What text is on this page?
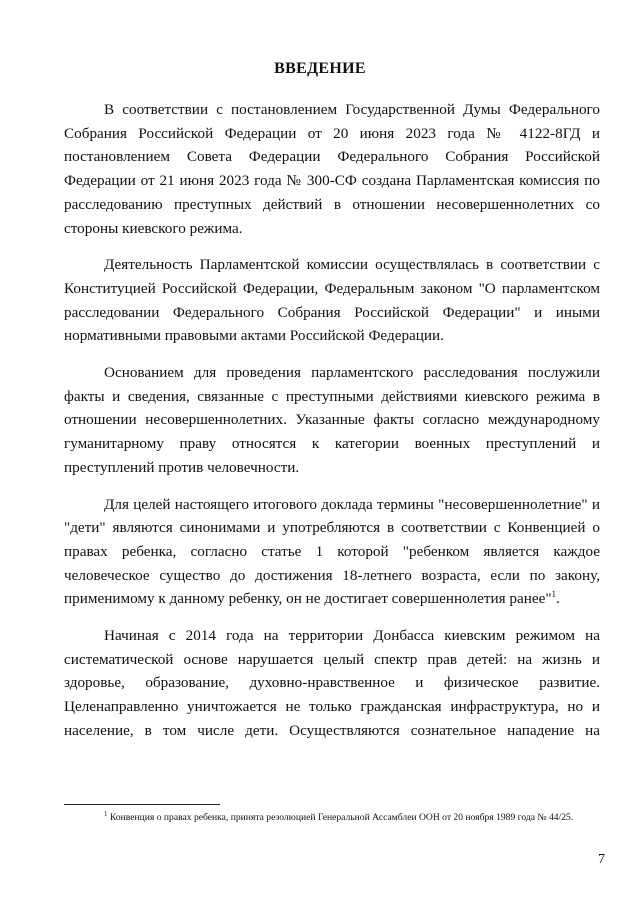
ВВЕДЕНИЕ

В соответствии с постановлением Государственной Думы Федерального Собрания Российской Федерации от 20 июня 2023 года № 4122-8ГД и постановлением Совета Федерации Федерального Собрания Российской Федерации от 21 июня 2023 года № 300-СФ создана Парламентская комиссия по расследованию преступных действий в отношении несовершеннолетних со стороны киевского режима.

Деятельность Парламентской комиссии осуществлялась в соответствии с Конституцией Российской Федерации, Федеральным законом "О парламентском расследовании Федерального Собрания Российской Федерации" и иными нормативными правовыми актами Российской Федерации.

Основанием для проведения парламентского расследования послужили факты и сведения, связанные с преступными действиями киевского режима в отношении несовершеннолетних. Указанные факты согласно международному гуманитарному праву относятся к категории военных преступлений и преступлений против человечности.

Для целей настоящего итогового доклада термины "несовершеннолетние" и "дети" являются синонимами и употребляются в соответствии с Конвенцией о правах ребенка, согласно статье 1 которой "ребенком является каждое человеческое существо до достижения 18-летнего возраста, если по закону, применимому к данному ребенку, он не достигает совершеннолетия ранее"$^1$.

Начиная с 2014 года на территории Донбасса киевским режимом на систематической основе нарушается целый спектр прав детей: на жизнь и здоровье, образование, духовно-нравственное и физическое развитие. Целенаправленно уничтожается не только гражданская инфраструктура, но и население, в том числе дети. Осуществляются сознательное нападение на

$^1$ Конвенция о правах ребенка, принята резолюцией Генеральной Ассамблеи ООН от 20 ноября 1989 года № 44/25.
7
